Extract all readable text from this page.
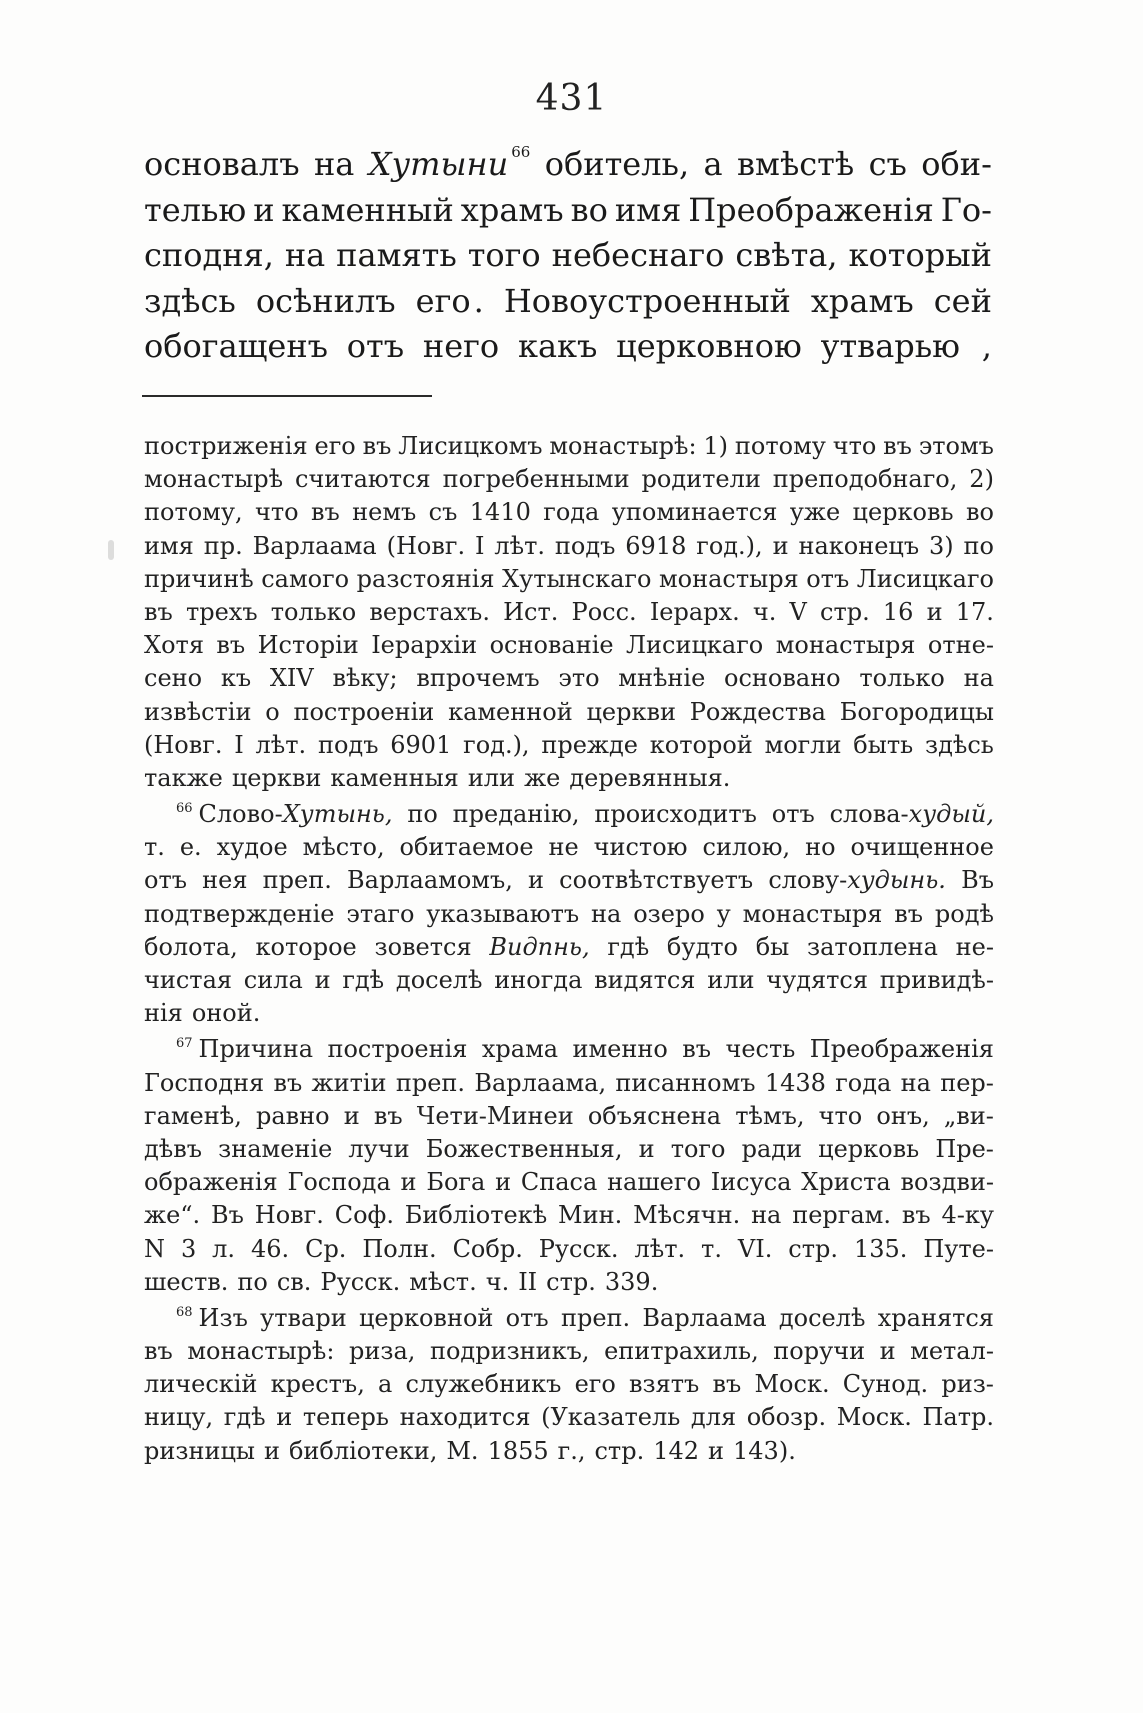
431
основалъ на Хутыни $^{66}$ обитель, а вмѣстѣ съ оби-
телью и каменный храмъ во имя Преображенія Го-
сподня, на память того небеснаго свѣта, который
здѣсь осѣнилъ его. Новоустроенный храмъ сей
обогащенъ отъ него какъ церковною утварью ,
постриженія его въ Лисицкомъ монастырѣ: 1) потому что въ этомъ
монастырѣ считаются погребенными родители преподобнаго, 2)
потому, что въ немъ съ 1410 года упоминается уже церковь во
имя пр. Варлаама (Новг. I лѣт. подъ 6918 год.), и наконецъ 3) по
причинѣ самого разстоянія Хутынскаго монастыря отъ Лисицкаго
въ трехъ только верстахъ. Ист. Росс. Іерарх. ч. V стр. 16 и 17.
Хотя въ Исторіи Іерархіи основаніе Лисицкаго монастыря отне-
сено къ XIV вѣку; впрочемъ это мнѣніе основано только на
извѣстіи о построеніи каменной церкви Рождества Богородицы
(Новг. I лѣт. подъ 6901 год.), прежде которой могли быть здѣсь
также церкви каменныя или же деревянныя.
$^{66}$ Слово-Хутынь, по преданію, происходитъ отъ слова-худый,
т. е. худое мѣсто, обитаемое не чистою силою, но очищенное
отъ нея преп. Варлаамомъ, и соотвѣтствуетъ слову-худынь. Въ
подтвержденіе этаго указываютъ на озеро у монастыря въ родѣ
болота, которое зовется Видпнь, гдѣ будто бы затоплена не-
чистая сила и гдѣ доселѣ иногда видятся или чудятся привидѣ-
нія оной.
$^{67}$ Причина построенія храма именно въ честь Преображенія
Господня въ житіи преп. Варлаама, писанномъ 1438 года на пер-
гаменѣ, равно и въ Чети-Минеи объяснена тѣмъ, что онъ, „ви-
дѣвъ знаменіе лучи Божественныя, и того ради церковь Пре-
ображенія Господа и Бога и Спаса нашего Іисуса Христа воздви-
же“. Въ Новг. Соф. Библіотекѣ Мин. Мѣсячн. на пергам. въ 4-ку
N 3 л. 46. Ср. Полн. Собр. Русск. лѣт. т. VI. стр. 135. Путе-
шеств. по св. Русск. мѣст. ч. II стр. 339.
$^{68}$ Изъ утвари церковной отъ преп. Варлаама доселѣ хранятся
въ монастырѣ: риза, подризникъ, епитрахиль, поручи и метал-
лическій крестъ, а служебникъ его взятъ въ Моск. Сунод. риз-
ницу, гдѣ и теперь находится (Указатель для обозр. Моск. Патр.
ризницы и библіотеки, М. 1855 г., стр. 142 и 143).
